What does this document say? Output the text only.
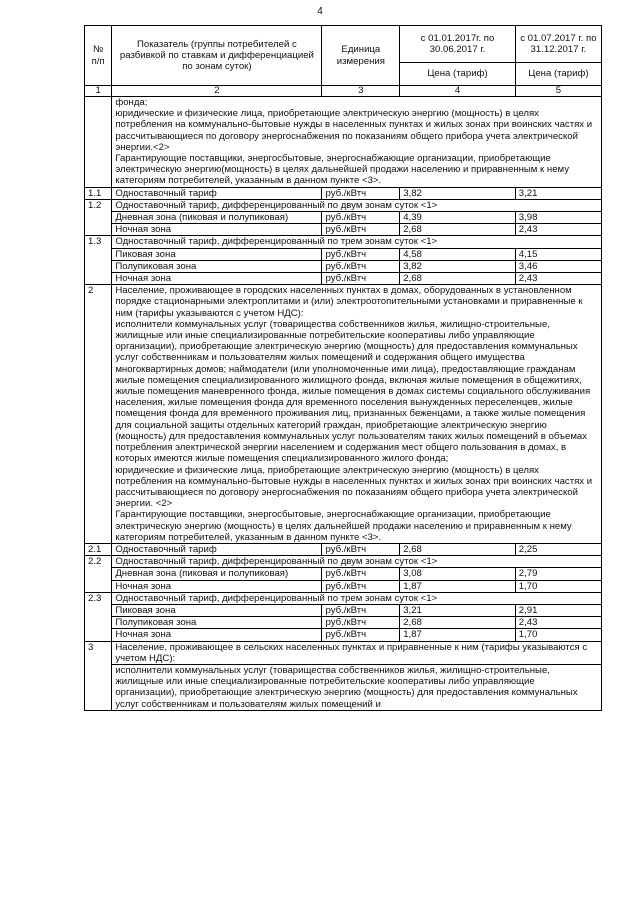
4
№ п/п	Показатель (группы потребителей с разбивкой по ставкам и дифференциацией по зонам суток)	Единица измерения	с 01.01.2017г. по 30.06.2017 г.	с 01.07.2017 г. по 31.12.2017 г.
			Цена (тариф)	Цена (тариф)
1	2	3	4	5
	фонда;
юридические и физические лица, приобретающие электрическую энергию (мощность) в целях потребления на коммунально-бытовые нужды в населенных пунктах и жилых зонах при воинских частях и рассчитывающиеся по договору энергоснабжения по показаниям общего прибора учета электрической энергии.<2>
Гарантирующие поставщики, энергосбытовые, энергоснабжающие организации, приобретающие электрическую энергию(мощность) в целях дальнейшей продажи населению и приравненным к нему категориям потребителей, указанным в данном пункте <3>.			
1.1	Одноставочный тариф	руб./кВтч	3,82	3,21
1.2	Одноставочный тариф, дифференцированный по двум зонам суток <1>			
	Дневная зона (пиковая и полупиковая)	руб./кВтч	4,39	3,98
	Ночная зона	руб./кВтч	2,68	2,43
1.3	Одноставочный тариф, дифференцированный по трем зонам суток <1>			
	Пиковая зона	руб./кВтч	4,58	4,15
	Полупиковая зона	руб./кВтч	3,82	3,46
	Ночная зона	руб./кВтч	2,68	2,43
2	Население, проживающее в городских населенных пунктах в домах, оборудованных в установленном порядке стационарными электроплитами и (или) электроотопительными установками и приравненные к ним (тарифы указываются с учетом НДС):
исполнители коммунальных услуг (товарищества собственников жилья, жилищно-строительные, жилищные или иные специализированные потребительские кооперативы либо управляющие организации), приобретающие электрическую энергию (мощность) для предоставления коммунальных услуг собственникам и пользователям жилых помещений и содержания общего имущества многоквартирных домов; наймодатели (или уполномоченные ими лица), предоставляющие гражданам жилые помещения специализированного жилищного фонда, включая жилые помещения в общежитиях, жилые помещения маневренного фонда, жилые помещения в домах системы социального обслуживания населения, жилые помещения фонда для временного поселения вынужденных переселенцев, жилые помещения фонда для временного проживания лиц, признанных беженцами, а также жилые помещения для социальной защиты отдельных категорий граждан, приобретающие электрическую энергию (мощность) для предоставления коммунальных услуг пользователям таких жилых помещений в объемах потребления электрической энергии населением и содержания мест общего пользования в домах, в которых имеются жилые помещения специализированного жилого фонда;
юридические и физические лица, приобретающие электрическую энергию (мощность) в целях потребления на коммунально-бытовые нужды в населенных пунктах и жилых зонах при воинских частях и рассчитывающиеся по договору энергоснабжения по показаниям общего прибора учета электрической энергии. <2>
Гарантирующие поставщики, энергосбытовые, энергоснабжающие организации, приобретающие электрическую энергию (мощность) в целях дальнейшей продажи населению и приравненным к нему категориям потребителей, указанным в данном пункте <3>.			
2.1	Одноставочный тариф	руб./кВтч	2,68	2,25
2.2	Одноставочный тариф, дифференцированный по двум зонам суток <1>			
	Дневная зона (пиковая и полупиковая)	руб./кВтч	3,08	2,79
	Ночная зона	руб./кВтч	1,87	1,70
2.3	Одноставочный тариф, дифференцированный по трем зонам суток <1>			
	Пиковая зона	руб./кВтч	3,21	2,91
	Полупиковая зона	руб./кВтч	2,68	2,43
	Ночная зона	руб./кВтч	1,87	1,70
3	Население, проживающее в сельских населенных пунктах и приравненные к ним (тарифы указываются с учетом НДС):			
	исполнители коммунальных услуг (товарищества собственников жилья, жилищно-строительные, жилищные или иные специализированные потребительские кооперативы либо управляющие организации), приобретающие электрическую энергию (мощность) для предоставления коммунальных услуг собственникам и пользователям жилых помещений и			
